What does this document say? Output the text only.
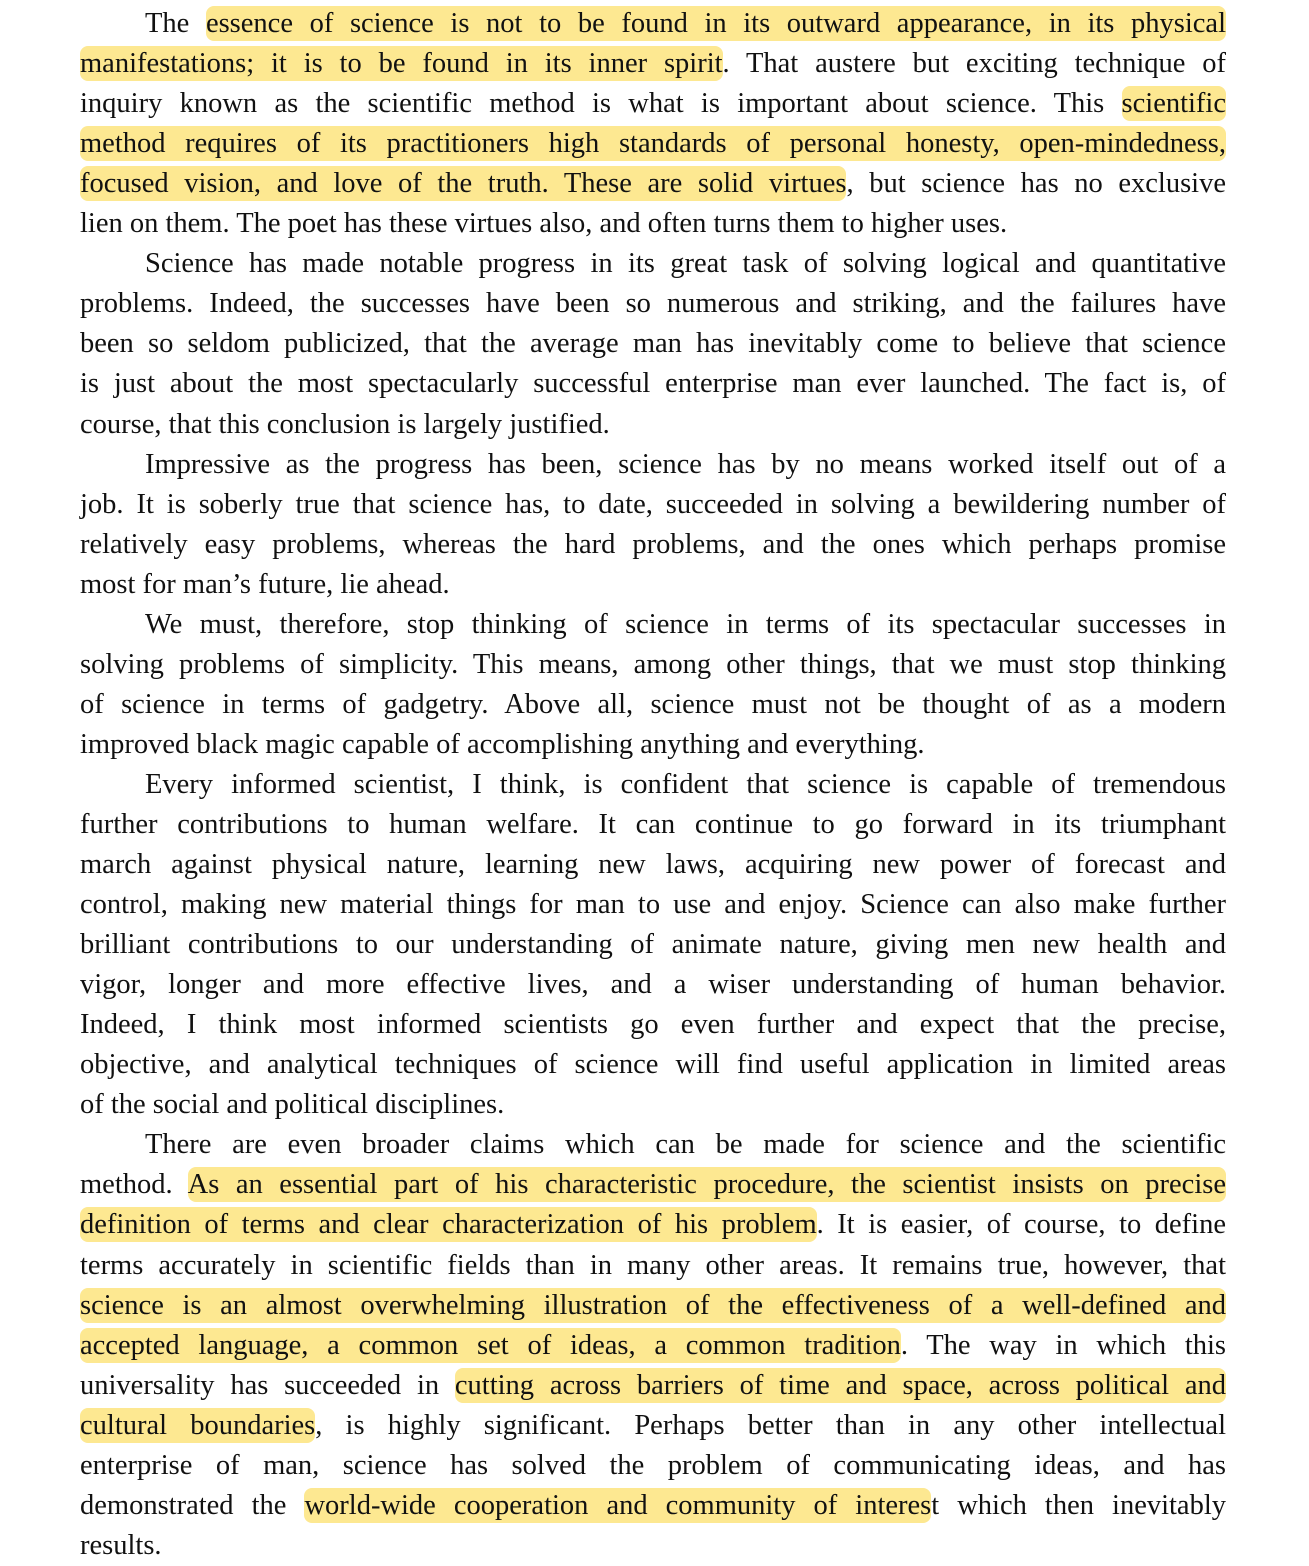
The essence of science is not to be found in its outward appearance, in its physical
manifestations; it is to be found in its inner spirit. That austere but exciting technique of
inquiry known as the scientific method is what is important about science. This scientific
method requires of its practitioners high standards of personal honesty, open-mindedness,
focused vision, and love of the truth. These are solid virtues, but science has no exclusive
lien on them. The poet has these virtues also, and often turns them to higher uses.
Science has made notable progress in its great task of solving logical and quantitative
problems. Indeed, the successes have been so numerous and striking, and the failures have
been so seldom publicized, that the average man has inevitably come to believe that science
is just about the most spectacularly successful enterprise man ever launched. The fact is, of
course, that this conclusion is largely justified.
Impressive as the progress has been, science has by no means worked itself out of a
job. It is soberly true that science has, to date, succeeded in solving a bewildering number of
relatively easy problems, whereas the hard problems, and the ones which perhaps promise
most for man’s future, lie ahead.
We must, therefore, stop thinking of science in terms of its spectacular successes in
solving problems of simplicity. This means, among other things, that we must stop thinking
of science in terms of gadgetry. Above all, science must not be thought of as a modern
improved black magic capable of accomplishing anything and everything.
Every informed scientist, I think, is confident that science is capable of tremendous
further contributions to human welfare. It can continue to go forward in its triumphant
march against physical nature, learning new laws, acquiring new power of forecast and
control, making new material things for man to use and enjoy. Science can also make further
brilliant contributions to our understanding of animate nature, giving men new health and
vigor, longer and more effective lives, and a wiser understanding of human behavior.
Indeed, I think most informed scientists go even further and expect that the precise,
objective, and analytical techniques of science will find useful application in limited areas
of the social and political disciplines.
There are even broader claims which can be made for science and the scientific
method. As an essential part of his characteristic procedure, the scientist insists on precise
definition of terms and clear characterization of his problem. It is easier, of course, to define
terms accurately in scientific fields than in many other areas. It remains true, however, that
science is an almost overwhelming illustration of the effectiveness of a well-defined and
accepted language, a common set of ideas, a common tradition. The way in which this
universality has succeeded in cutting across barriers of time and space, across political and
cultural boundaries, is highly significant. Perhaps better than in any other intellectual
enterprise of man, science has solved the problem of communicating ideas, and has
demonstrated the world-wide cooperation and community of interest which then inevitably
results.
